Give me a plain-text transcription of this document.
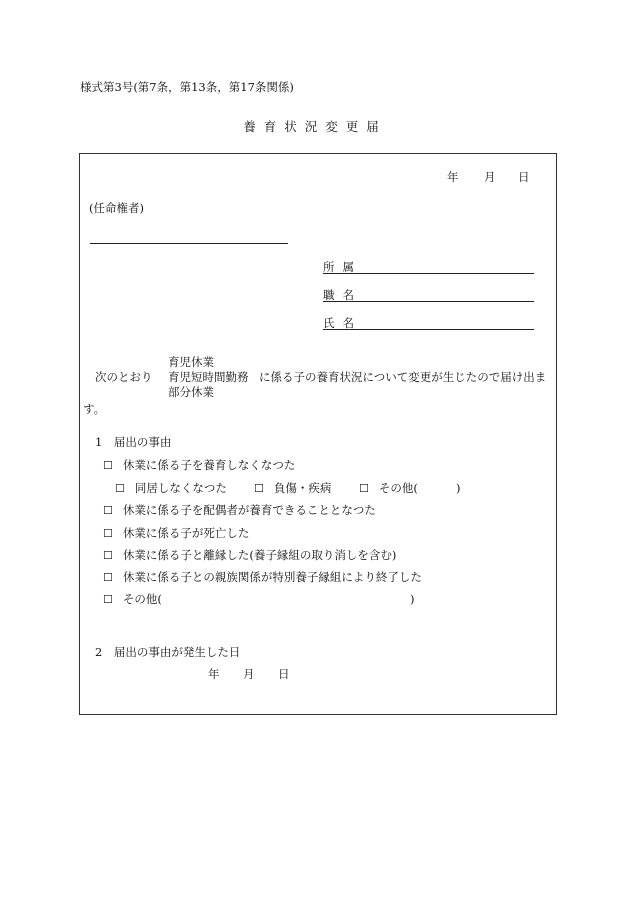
様式第3号(第7条，第13条，第17条関係)
養育状況変更届
年 月 日
(任命権者)
所属
職名
氏名
次のとおり
育児休業
育児短時間勤務
部分休業
に係る子の養育状況について変更が生じたので届け出ま
す。
1　届出の事由
☐ 休業に係る子を養育しなくなつた
☐ 同居しなくなつた ☐ 負傷・疾病	☐ その他(	)
☐ 休業に係る子を配偶者が養育できることとなつた
☐ 休業に係る子が死亡した
☐ 休業に係る子と離縁した(養子縁組の取り消しを含む)
☐ 休業に係る子との親族関係が特別養子縁組により終了した
☐ その他(	)
2　届出の事由が発生した日
年 月 日
